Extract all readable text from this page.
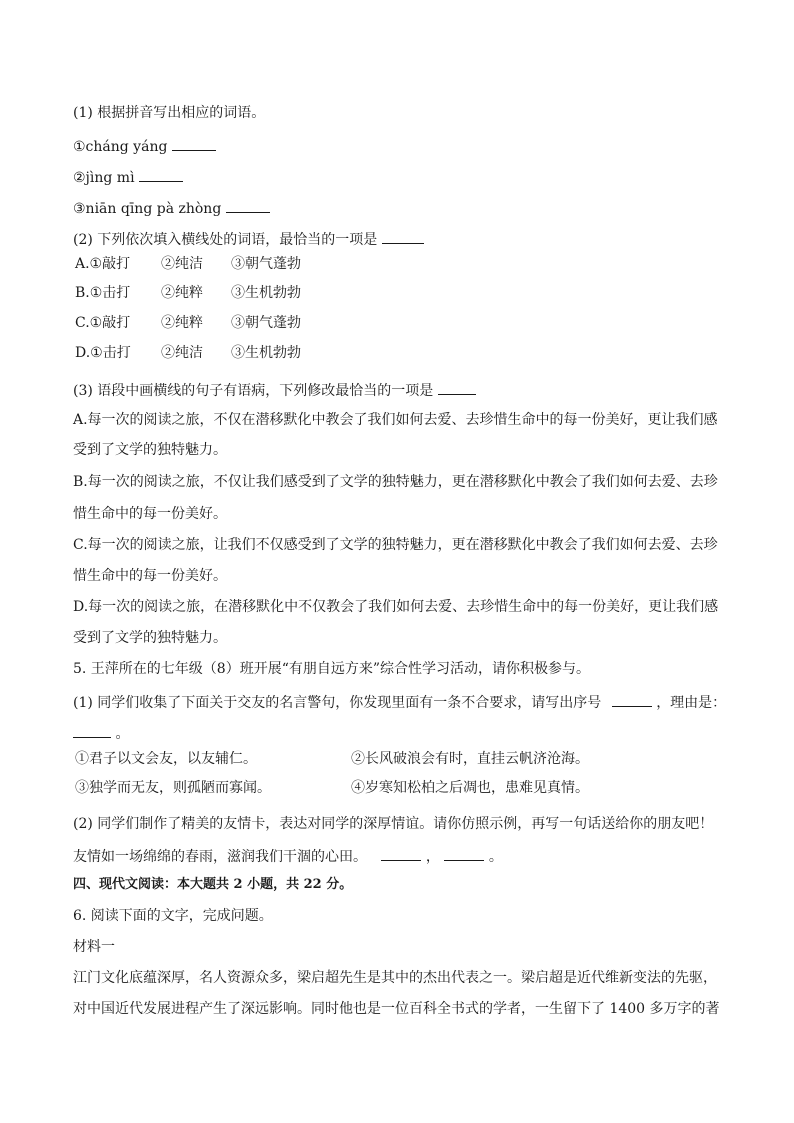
(1) 根据拼音写出相应的词语。
①cháng yáng
②jìng mì
③niān qīng pà zhòng
(2) 下列依次填入横线处的词语，最恰当的一项是
A.①敲打 ②纯洁 ③朝气蓬勃
B.①击打 ②纯粹 ③生机勃勃
C.①敲打 ②纯粹 ③朝气蓬勃
D.①击打 ②纯洁 ③生机勃勃
(3) 语段中画横线的句子有语病，下列修改最恰当的一项是
A.每一次的阅读之旅，不仅在潜移默化中教会了我们如何去爱、去珍惜生命中的每一份美好，更让我们感
受到了文学的独特魅力。
B.每一次的阅读之旅，不仅让我们感受到了文学的独特魅力，更在潜移默化中教会了我们如何去爱、去珍
惜生命中的每一份美好。
C.每一次的阅读之旅，让我们不仅感受到了文学的独特魅力，更在潜移默化中教会了我们如何去爱、去珍
惜生命中的每一份美好。
D.每一次的阅读之旅，在潜移默化中不仅教会了我们如何去爱、去珍惜生命中的每一份美好，更让我们感
受到了文学的独特魅力。
5. 王萍所在的七年级（8）班开展“有朋自远方来”综合性学习活动，请你积极参与。
(1) 同学们收集了下面关于交友的名言警句，你发现里面有一条不合要求，请写出序号	，理由是：
。
①君子以文会友，以友辅仁。	②长风破浪会有时，直挂云帆济沧海。
③独学而无友，则孤陋而寡闻。	④岁寒知松柏之后凋也，患难见真情。
(2) 同学们制作了精美的友情卡，表达对同学的深厚情谊。请你仿照示例，再写一句话送给你的朋友吧！
友情如一场绵绵的春雨，滋润我们干涸的心田。	，	。
四、现代文阅读：本大题共 2 小题，共 22 分。
6. 阅读下面的文字，完成问题。
材料一
江门文化底蕴深厚，名人资源众多，梁启超先生是其中的杰出代表之一。梁启超是近代维新变法的先驱，
对中国近代发展进程产生了深远影响。同时他也是一位百科全书式的学者，一生留下了 1400 多万字的著
